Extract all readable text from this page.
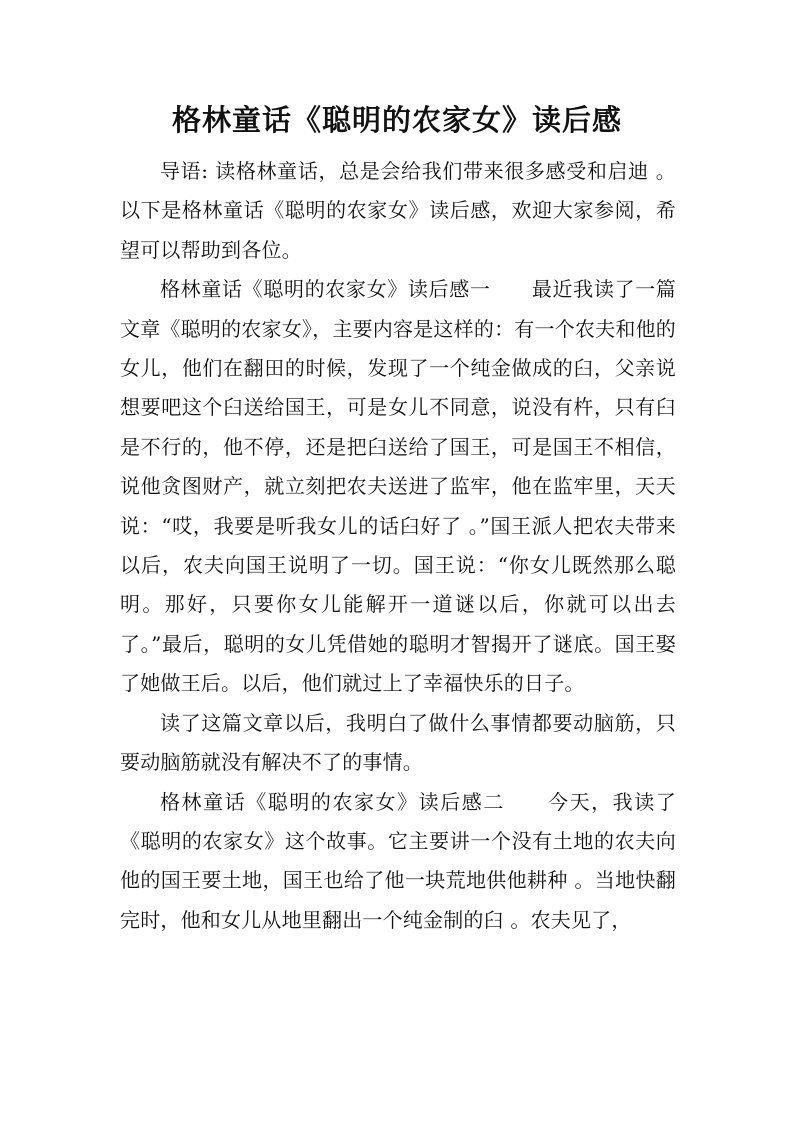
格林童话《聪明的农家女》读后感

导语: 读格林童话，总是会给我们带来很多感受和启迪 。以下是格林童话《聪明的农家女》读后感，欢迎大家参阅，希望可以帮助到各位。

格林童话《聪明的农家女》读后感一　　最近我读了一篇文章《聪明的农家女》，主要内容是这样的：有一个农夫和他的女儿，他们在翻田的时候，发现了一个纯金做成的臼，父亲说想要吧这个臼送给国王，可是女儿不同意，说没有杵，只有臼是不行的，他不停，还是把臼送给了国王，可是国王不相信，说他贪图财产，就立刻把农夫送进了监牢，他在监牢里，天天说：“哎，我要是听我女儿的话臼好了 。”国王派人把农夫带来以后，农夫向国王说明了一切。国王说：“你女儿既然那么聪明。那好，只要你女儿能解开一道谜以后，你就可以出去了。”最后，聪明的女儿凭借她的聪明才智揭开了谜底。国王娶了她做王后。以后，他们就过上了幸福快乐的日子。

读了这篇文章以后，我明白了做什么事情都要动脑筋，只要动脑筋就没有解决不了的事情。

格林童话《聪明的农家女》读后感二　　今天，我读了《聪明的农家女》这个故事。它主要讲一个没有土地的农夫向他的国王要土地，国王也给了他一块荒地供他耕种 。当地快翻完时，他和女儿从地里翻出一个纯金制的臼 。农夫见了，
